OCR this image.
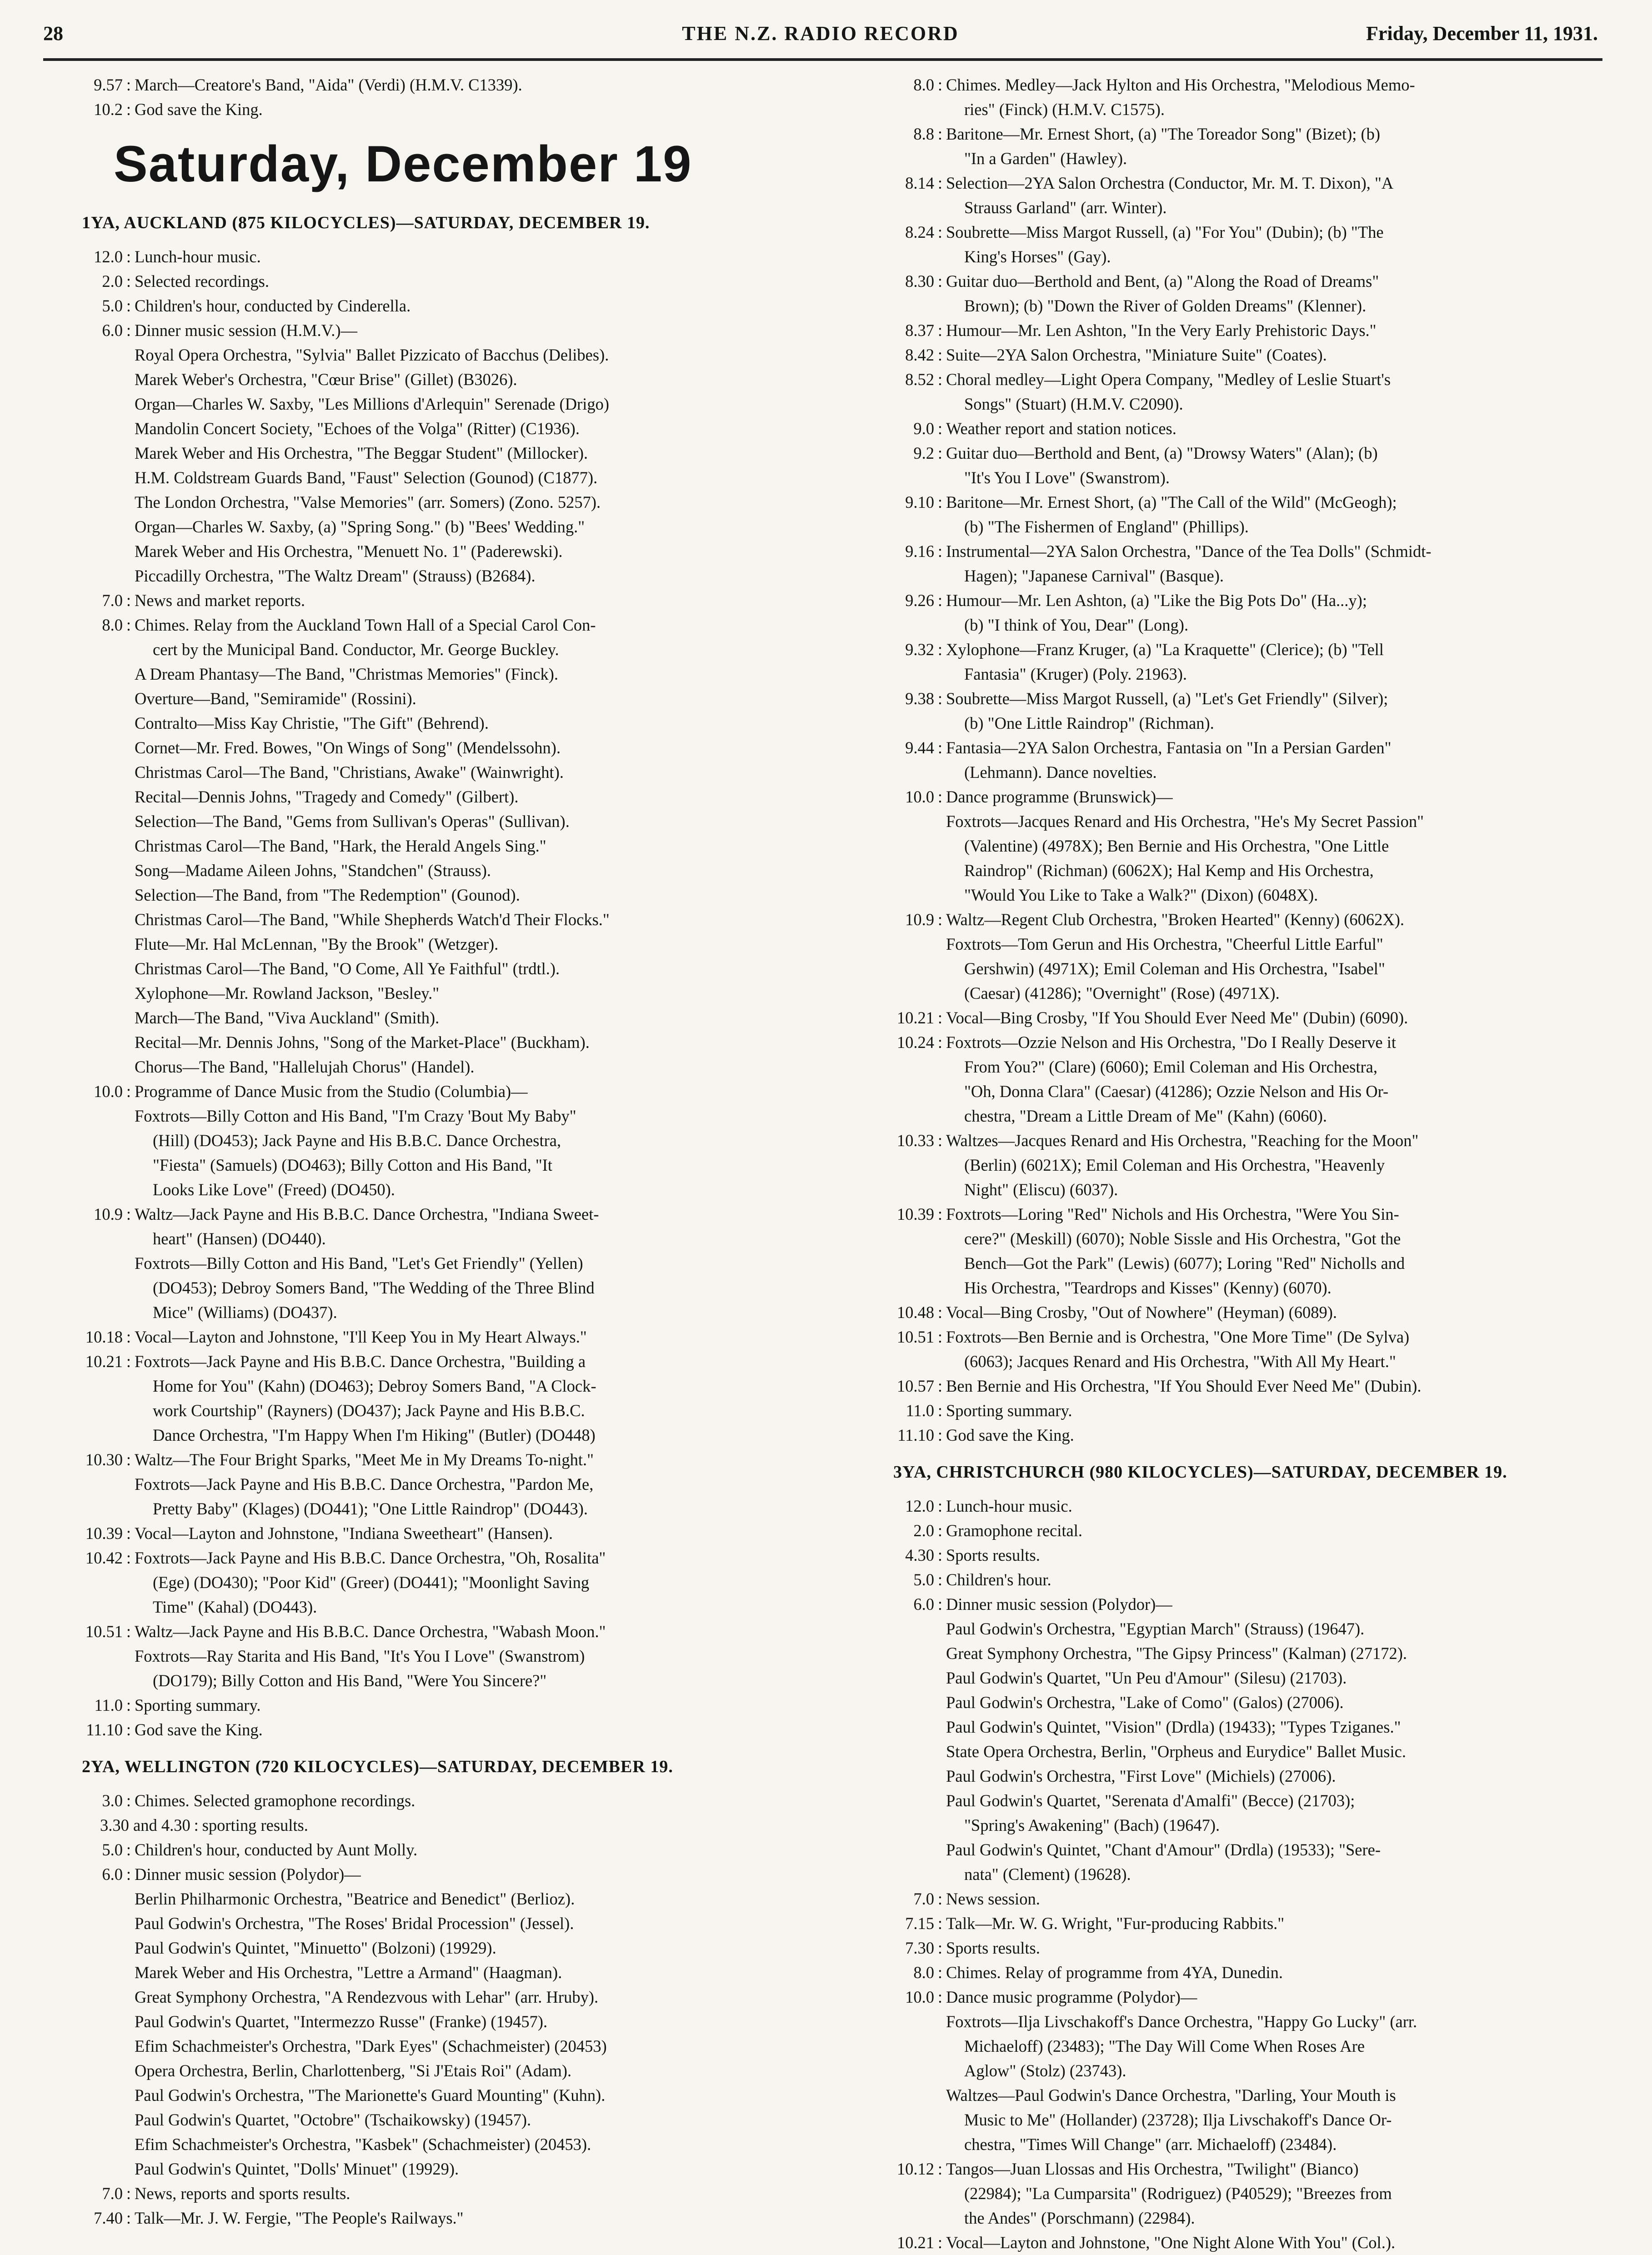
28	THE N.Z. RADIO RECORD	Friday, December 11, 1931.
9.57 : March—Creatore's Band, "Aida" (Verdi) (H.M.V. C1339).
10.2 : God save the King.
Saturday, December 19
1YA, AUCKLAND (875 KILOCYCLES)—SATURDAY, DECEMBER 19.
12.0 : Lunch-hour music.
2.0 : Selected recordings.
5.0 : Children's hour, conducted by Cinderella.
6.0 : Dinner music session (H.M.V.)—
Royal Opera Orchestra, "Sylvia" Ballet Pizzicato of Bacchus (Delibes).
Marek Weber's Orchestra, "Cœur Brise" (Gillet) (B3026).
Organ—Charles W. Saxby, "Les Millions d'Arlequin" Serenade (Drigo)
Mandolin Concert Society, "Echoes of the Volga" (Ritter) (C1936).
Marek Weber and His Orchestra, "The Beggar Student" (Millocker).
H.M. Coldstream Guards Band, "Faust" Selection (Gounod) (C1877).
The London Orchestra, "Valse Memories" (arr. Somers) (Zono. 5257).
Organ—Charles W. Saxby, (a) "Spring Song." (b) "Bees' Wedding."
Marek Weber and His Orchestra, "Menuett No. 1" (Paderewski).
Piccadilly Orchestra, "The Waltz Dream" (Strauss) (B2684).
7.0 : News and market reports.
8.0 : Chimes. Relay from the Auckland Town Hall of a Special Carol Con-
cert by the Municipal Band. Conductor, Mr. George Buckley.
A Dream Phantasy—The Band, "Christmas Memories" (Finck).
Overture—Band, "Semiramide" (Rossini).
Contralto—Miss Kay Christie, "The Gift" (Behrend).
Cornet—Mr. Fred. Bowes, "On Wings of Song" (Mendelssohn).
Christmas Carol—The Band, "Christians, Awake" (Wainwright).
Recital—Dennis Johns, "Tragedy and Comedy" (Gilbert).
Selection—The Band, "Gems from Sullivan's Operas" (Sullivan).
Christmas Carol—The Band, "Hark, the Herald Angels Sing."
Song—Madame Aileen Johns, "Standchen" (Strauss).
Selection—The Band, from "The Redemption" (Gounod).
Christmas Carol—The Band, "While Shepherds Watch'd Their Flocks."
Flute—Mr. Hal McLennan, "By the Brook" (Wetzger).
Christmas Carol—The Band, "O Come, All Ye Faithful" (trdtl.).
Xylophone—Mr. Rowland Jackson, "Besley."
March—The Band, "Viva Auckland" (Smith).
Recital—Mr. Dennis Johns, "Song of the Market-Place" (Buckham).
Chorus—The Band, "Hallelujah Chorus" (Handel).
10.0 : Programme of Dance Music from the Studio (Columbia)—
Foxtrots—Billy Cotton and His Band, "I'm Crazy 'Bout My Baby"
(Hill) (DO453); Jack Payne and His B.B.C. Dance Orchestra,
"Fiesta" (Samuels) (DO463); Billy Cotton and His Band, "It
Looks Like Love" (Freed) (DO450).
10.9 : Waltz—Jack Payne and His B.B.C. Dance Orchestra, "Indiana Sweet-
heart" (Hansen) (DO440).
Foxtrots—Billy Cotton and His Band, "Let's Get Friendly" (Yellen)
(DO453); Debroy Somers Band, "The Wedding of the Three Blind
Mice" (Williams) (DO437).
10.18 : Vocal—Layton and Johnstone, "I'll Keep You in My Heart Always."
10.21 : Foxtrots—Jack Payne and His B.B.C. Dance Orchestra, "Building a
Home for You" (Kahn) (DO463); Debroy Somers Band, "A Clock-
work Courtship" (Rayners) (DO437); Jack Payne and His B.B.C.
Dance Orchestra, "I'm Happy When I'm Hiking" (Butler) (DO448)
10.30 : Waltz—The Four Bright Sparks, "Meet Me in My Dreams To-night."
Foxtrots—Jack Payne and His B.B.C. Dance Orchestra, "Pardon Me,
Pretty Baby" (Klages) (DO441); "One Little Raindrop" (DO443).
10.39 : Vocal—Layton and Johnstone, "Indiana Sweetheart" (Hansen).
10.42 : Foxtrots—Jack Payne and His B.B.C. Dance Orchestra, "Oh, Rosalita"
(Ege) (DO430); "Poor Kid" (Greer) (DO441); "Moonlight Saving
Time" (Kahal) (DO443).
10.51 : Waltz—Jack Payne and His B.B.C. Dance Orchestra, "Wabash Moon."
Foxtrots—Ray Starita and His Band, "It's You I Love" (Swanstrom)
(DO179); Billy Cotton and His Band, "Were You Sincere?"
11.0 : Sporting summary.
11.10 : God save the King.
2YA, WELLINGTON (720 KILOCYCLES)—SATURDAY, DECEMBER 19.
3.0 : Chimes. Selected gramophone recordings.
3.30 and 4.30 : sporting results.
5.0 : Children's hour, conducted by Aunt Molly.
6.0 : Dinner music session (Polydor)—
Berlin Philharmonic Orchestra, "Beatrice and Benedict" (Berlioz).
Paul Godwin's Orchestra, "The Roses' Bridal Procession" (Jessel).
Paul Godwin's Quintet, "Minuetto" (Bolzoni) (19929).
Marek Weber and His Orchestra, "Lettre a Armand" (Haagman).
Great Symphony Orchestra, "A Rendezvous with Lehar" (arr. Hruby).
Paul Godwin's Quartet, "Intermezzo Russe" (Franke) (19457).
Efim Schachmeister's Orchestra, "Dark Eyes" (Schachmeister) (20453)
Opera Orchestra, Berlin, Charlottenberg, "Si J'Etais Roi" (Adam).
Paul Godwin's Orchestra, "The Marionette's Guard Mounting" (Kuhn).
Paul Godwin's Quartet, "Octobre" (Tschaikowsky) (19457).
Efim Schachmeister's Orchestra, "Kasbek" (Schachmeister) (20453).
Paul Godwin's Quintet, "Dolls' Minuet" (19929).
7.0 : News, reports and sports results.
7.40 : Talk—Mr. J. W. Fergie, "The People's Railways."
8.0 : Chimes. Medley—Jack Hylton and His Orchestra, "Melodious Memo-
ries" (Finck) (H.M.V. C1575).
8.8 : Baritone—Mr. Ernest Short, (a) "The Toreador Song" (Bizet); (b)
"In a Garden" (Hawley).
8.14 : Selection—2YA Salon Orchestra (Conductor, Mr. M. T. Dixon), "A
Strauss Garland" (arr. Winter).
8.24 : Soubrette—Miss Margot Russell, (a) "For You" (Dubin); (b) "The
King's Horses" (Gay).
8.30 : Guitar duo—Berthold and Bent, (a) "Along the Road of Dreams"
Brown); (b) "Down the River of Golden Dreams" (Klenner).
8.37 : Humour—Mr. Len Ashton, "In the Very Early Prehistoric Days."
8.42 : Suite—2YA Salon Orchestra, "Miniature Suite" (Coates).
8.52 : Choral medley—Light Opera Company, "Medley of Leslie Stuart's
Songs" (Stuart) (H.M.V. C2090).
9.0 : Weather report and station notices.
9.2 : Guitar duo—Berthold and Bent, (a) "Drowsy Waters" (Alan); (b)
"It's You I Love" (Swanstrom).
9.10 : Baritone—Mr. Ernest Short, (a) "The Call of the Wild" (McGeogh);
(b) "The Fishermen of England" (Phillips).
9.16 : Instrumental—2YA Salon Orchestra, "Dance of the Tea Dolls" (Schmidt-
Hagen); "Japanese Carnival" (Basque).
9.26 : Humour—Mr. Len Ashton, (a) "Like the Big Pots Do" (Ha...y);
(b) "I think of You, Dear" (Long).
9.32 : Xylophone—Franz Kruger, (a) "La Kraquette" (Clerice); (b) "Tell
Fantasia" (Kruger) (Poly. 21963).
9.38 : Soubrette—Miss Margot Russell, (a) "Let's Get Friendly" (Silver);
(b) "One Little Raindrop" (Richman).
9.44 : Fantasia—2YA Salon Orchestra, Fantasia on "In a Persian Garden"
(Lehmann). Dance novelties.
10.0 : Dance programme (Brunswick)—
Foxtrots—Jacques Renard and His Orchestra, "He's My Secret Passion"
(Valentine) (4978X); Ben Bernie and His Orchestra, "One Little
Raindrop" (Richman) (6062X); Hal Kemp and His Orchestra,
"Would You Like to Take a Walk?" (Dixon) (6048X).
10.9 : Waltz—Regent Club Orchestra, "Broken Hearted" (Kenny) (6062X).
Foxtrots—Tom Gerun and His Orchestra, "Cheerful Little Earful"
Gershwin) (4971X); Emil Coleman and His Orchestra, "Isabel"
(Caesar) (41286); "Overnight" (Rose) (4971X).
10.21 : Vocal—Bing Crosby, "If You Should Ever Need Me" (Dubin) (6090).
10.24 : Foxtrots—Ozzie Nelson and His Orchestra, "Do I Really Deserve it
From You?" (Clare) (6060); Emil Coleman and His Orchestra,
"Oh, Donna Clara" (Caesar) (41286); Ozzie Nelson and His Or-
chestra, "Dream a Little Dream of Me" (Kahn) (6060).
10.33 : Waltzes—Jacques Renard and His Orchestra, "Reaching for the Moon"
(Berlin) (6021X); Emil Coleman and His Orchestra, "Heavenly
Night" (Eliscu) (6037).
10.39 : Foxtrots—Loring "Red" Nichols and His Orchestra, "Were You Sin-
cere?" (Meskill) (6070); Noble Sissle and His Orchestra, "Got the
Bench—Got the Park" (Lewis) (6077); Loring "Red" Nicholls and
His Orchestra, "Teardrops and Kisses" (Kenny) (6070).
10.48 : Vocal—Bing Crosby, "Out of Nowhere" (Heyman) (6089).
10.51 : Foxtrots—Ben Bernie and is Orchestra, "One More Time" (De Sylva)
(6063); Jacques Renard and His Orchestra, "With All My Heart."
10.57 : Ben Bernie and His Orchestra, "If You Should Ever Need Me" (Dubin).
11.0 : Sporting summary.
11.10 : God save the King.
3YA, CHRISTCHURCH (980 KILOCYCLES)—SATURDAY, DECEMBER 19.
12.0 : Lunch-hour music.
2.0 : Gramophone recital.
4.30 : Sports results.
5.0 : Children's hour.
6.0 : Dinner music session (Polydor)—
Paul Godwin's Orchestra, "Egyptian March" (Strauss) (19647).
Great Symphony Orchestra, "The Gipsy Princess" (Kalman) (27172).
Paul Godwin's Quartet, "Un Peu d'Amour" (Silesu) (21703).
Paul Godwin's Orchestra, "Lake of Como" (Galos) (27006).
Paul Godwin's Quintet, "Vision" (Drdla) (19433); "Types Tziganes."
State Opera Orchestra, Berlin, "Orpheus and Eurydice" Ballet Music.
Paul Godwin's Orchestra, "First Love" (Michiels) (27006).
Paul Godwin's Quartet, "Serenata d'Amalfi" (Becce) (21703);
"Spring's Awakening" (Bach) (19647).
Paul Godwin's Quintet, "Chant d'Amour" (Drdla) (19533); "Sere-
nata" (Clement) (19628).
7.0 : News session.
7.15 : Talk—Mr. W. G. Wright, "Fur-producing Rabbits."
7.30 : Sports results.
8.0 : Chimes. Relay of programme from 4YA, Dunedin.
10.0 : Dance music programme (Polydor)—
Foxtrots—Ilja Livschakoff's Dance Orchestra, "Happy Go Lucky" (arr.
Michaeloff) (23483); "The Day Will Come When Roses Are
Aglow" (Stolz) (23743).
Waltzes—Paul Godwin's Dance Orchestra, "Darling, Your Mouth is
Music to Me" (Hollander) (23728); Ilja Livschakoff's Dance Or-
chestra, "Times Will Change" (arr. Michaeloff) (23484).
10.12 : Tangos—Juan Llossas and His Orchestra, "Twilight" (Bianco)
(22984); "La Cumparsita" (Rodriguez) (P40529); "Breezes from
the Andes" (Porschmann) (22984).
10.21 : Vocal—Layton and Johnstone, "One Night Alone With You" (Col.).
